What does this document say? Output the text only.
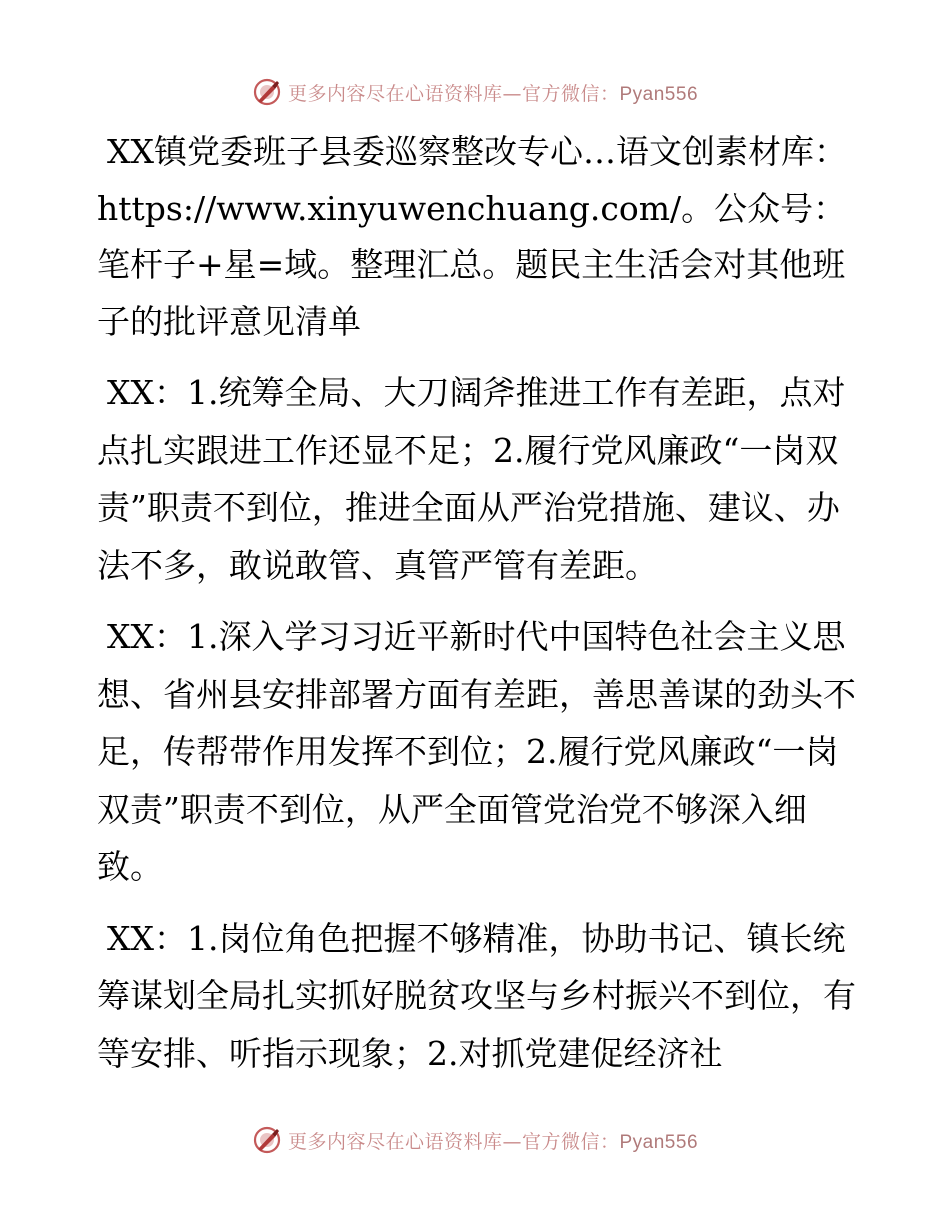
更多内容尽在心语资料库—官方微信：Pyan556

XX镇党委班子县委巡察整改专心…语文创素材库：https://www.xinyuwenchuang.com/。公众号：笔杆子+星=域。整理汇总。题民主生活会对其他班子的批评意见清单

XX：1.统筹全局、大刀阔斧推进工作有差距，点对点扎实跟进工作还显不足；2.履行党风廉政“一岗双责”职责不到位，推进全面从严治党措施、建议、办法不多，敢说敢管、真管严管有差距。

XX：1.深入学习习近平新时代中国特色社会主义思想、省州县安排部署方面有差距，善思善谋的劲头不足，传帮带作用发挥不到位；2.履行党风廉政“一岗双责”职责不到位，从严全面管党治党不够深入细致。

XX：1.岗位角色把握不够精准，协助书记、镇长统筹谋划全局扎实抓好脱贫攻坚与乡村振兴不到位，有等安排、听指示现象；2.对抓党建促经济社

更多内容尽在心语资料库—官方微信：Pyan556
